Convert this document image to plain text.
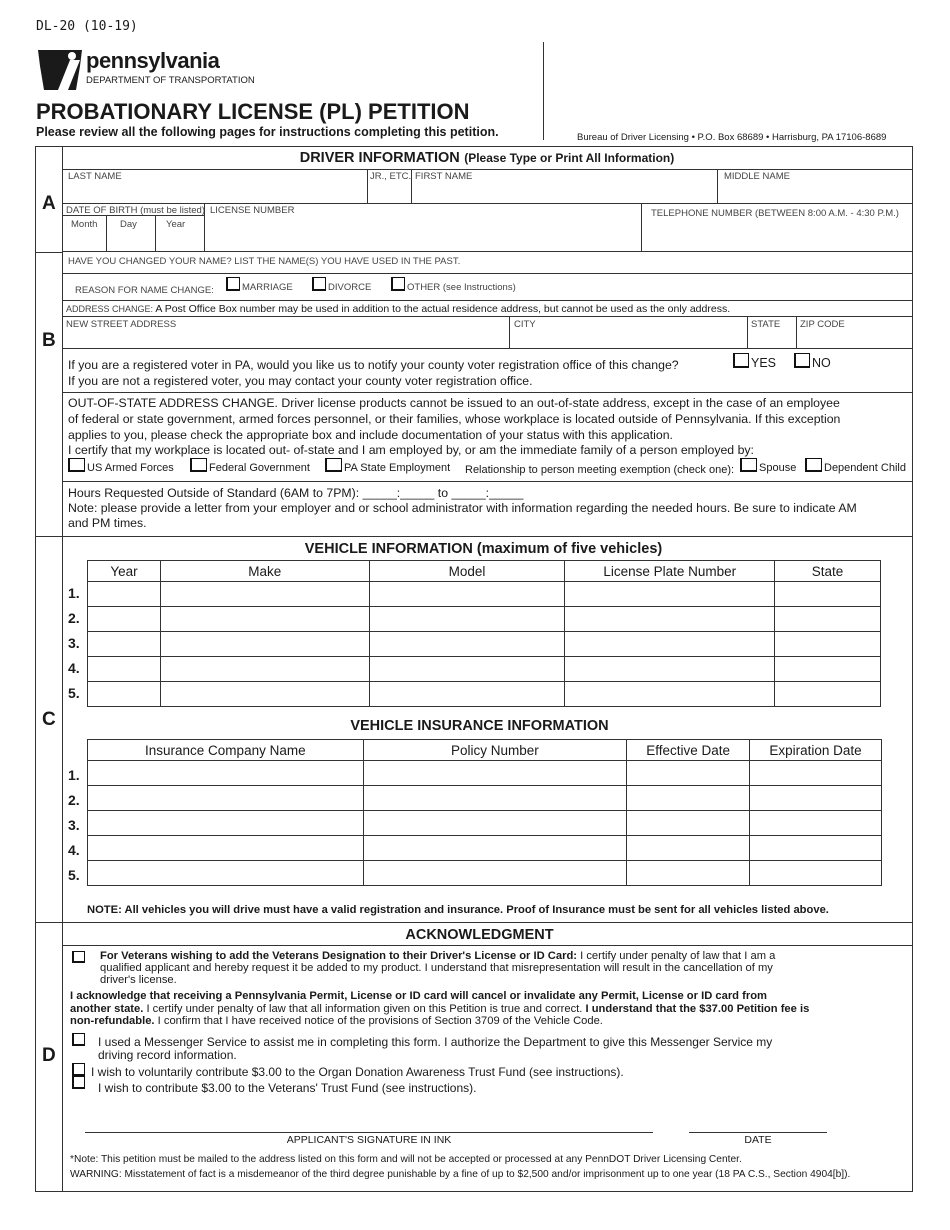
DL-20 (10-19)
pennsylvania
DEPARTMENT OF TRANSPORTATION
PROBATIONARY LICENSE (PL) PETITION
Please review all the following pages for instructions completing this petition.	Bureau of Driver Licensing • P.O. Box 68689 • Harrisburg, PA 17106-8689
A
B
C
D
DRIVER INFORMATION (Please Type or Print All Information)
LAST NAME	JR., ETC. FIRST NAME	MIDDLE NAME
DATE OF BIRTH (must be listed)
Month Day	Year
LICENSE NUMBER	TELEPHONE NUMBER (BETWEEN 8:00 A.M. - 4:30 P.M.)
HAVE YOU CHANGED YOUR NAME? LIST THE NAME(S) YOU HAVE USED IN THE PAST.
REASON FOR NAME CHANGE:	MARRIAGE	DIVORCE	OTHER (see Instructions)
ADDRESS CHANGE: A Post Office Box number may be used in addition to the actual residence address, but cannot be used as the only address.
NEW STREET ADDRESS	CITY	STATE ZIP CODE
If you are a registered voter in PA, would you like us to notify your county voter registration office of this change?	YES	NO
If you are not a registered voter, you may contact your county voter registration office.
OUT-OF-STATE ADDRESS CHANGE. Driver license products cannot be issued to an out-of-state address, except in the case of an employee
of federal or state government, armed forces personnel, or their families, whose workplace is located outside of Pennsylvania. If this exception
applies to you, please check the appropriate box and include documentation of your status with this application.
I certify that my workplace is located out- of-state and I am employed by, or am the immediate family of a person employed by:
US Armed Forces	Federal Government	PA State Employment Relationship to person meeting exemption (check one):	Spouse	Dependent Child
Hours Requested Outside of Standard (6AM to 7PM): _____:_____ to _____:_____
Note: please provide a letter from your employer and or school administrator with information regarding the needed hours. Be sure to indicate AM
and PM times.
VEHICLE INFORMATION (maximum of five vehicles)
Year	Make	Model	License Plate Number	State

1.
2.
3.
4.
5.
VEHICLE INSURANCE INFORMATION
Insurance Company Name	Policy Number	Effective Date	Expiration Date

1.
2.
3.
4.
5.
NOTE: All vehicles you will drive must have a valid registration and insurance. Proof of Insurance must be sent for all vehicles listed above.
ACKNOWLEDGMENT
For Veterans wishing to add the Veterans Designation to their Driver's License or ID Card: I certify under penalty of law that I am a
qualified applicant and hereby request it be added to my product. I understand that misrepresentation will result in the cancellation of my
driver's license.
I acknowledge that receiving a Pennsylvania Permit, License or ID card will cancel or invalidate any Permit, License or ID card from
another state. I certify under penalty of law that all information given on this Petition is true and correct. I understand that the $37.00 Petition fee is
non-refundable. I confirm that I have received notice of the provisions of Section 3709 of the Vehicle Code.
I used a Messenger Service to assist me in completing this form. I authorize the Department to give this Messenger Service my
driving record information.
I wish to voluntarily contribute $3.00 to the Organ Donation Awareness Trust Fund (see instructions).
I wish to contribute $3.00 to the Veterans' Trust Fund (see instructions).
APPLICANT'S SIGNATURE IN INK	DATE
*Note: This petition must be mailed to the address listed on this form and will not be accepted or processed at any PennDOT Driver Licensing Center.
WARNING: Misstatement of fact is a misdemeanor of the third degree punishable by a fine of up to $2,500 and/or imprisonment up to one year (18 PA C.S., Section 4904[b]).
